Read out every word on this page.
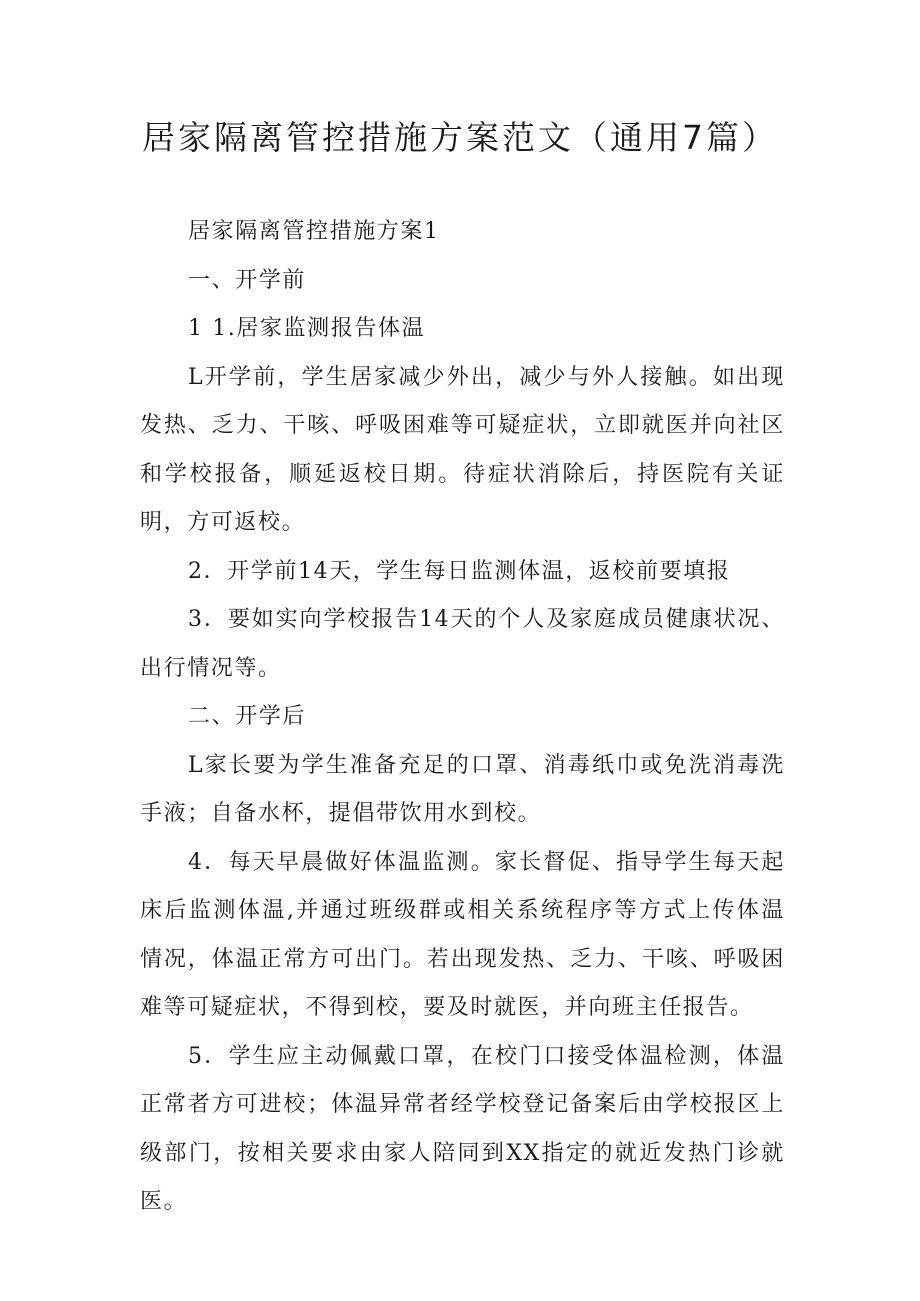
居家隔离管控措施方案范文（通用7篇）

居家隔离管控措施方案1

一、开学前

1 1.居家监测报告体温

L开学前，学生居家减少外出，减少与外人接触。如出现发热、乏力、干咳、呼吸困难等可疑症状，立即就医并向社区和学校报备，顺延返校日期。待症状消除后，持医院有关证明，方可返校。

2．开学前14天，学生每日监测体温，返校前要填报

3．要如实向学校报告14天的个人及家庭成员健康状况、出行情况等。

二、开学后

L家长要为学生准备充足的口罩、消毒纸巾或免洗消毒洗手液；自备水杯，提倡带饮用水到校。

4．每天早晨做好体温监测。家长督促、指导学生每天起床后监测体温,并通过班级群或相关系统程序等方式上传体温情况，体温正常方可出门。若出现发热、乏力、干咳、呼吸困难等可疑症状，不得到校，要及时就医，并向班主任报告。

5．学生应主动佩戴口罩，在校门口接受体温检测，体温正常者方可进校；体温异常者经学校登记备案后由学校报区上级部门，按相关要求由家人陪同到XX指定的就近发热门诊就医。
